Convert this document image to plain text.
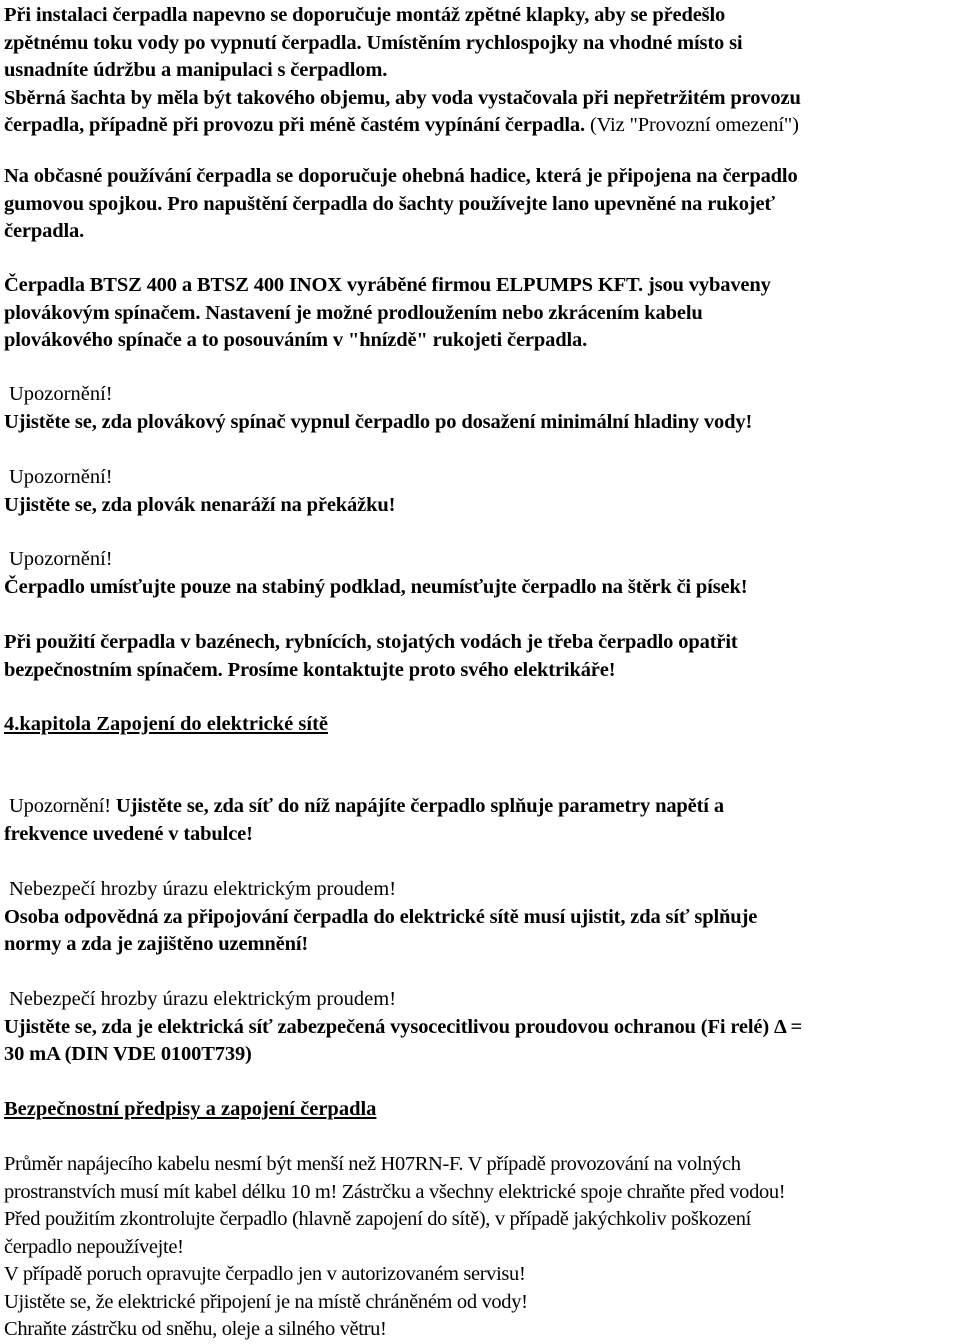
Při instalaci čerpadla napevno se doporučuje montáž zpětné klapky, aby se předešlo
zpětnému toku vody po vypnutí čerpadla. Umístěním rychlospojky na vhodné místo si
usnadníte údržbu a manipulaci s čerpadlom.
Sběrná šachta by měla být takového objemu, aby voda vystačovala při nepřetržitém provozu
čerpadla, případně při provozu při méně častém vypínání čerpadla. (Viz "Provozní omezení")

Na občasné používání čerpadla se doporučuje ohebná hadice, která je připojena na čerpadlo
gumovou spojkou. Pro napuštění čerpadla do šachty používejte lano upevněné na rukojeť
čerpadla.

Čerpadla BTSZ 400 a BTSZ 400 INOX vyráběné firmou ELPUMPS KFT. jsou vybaveny
plovákovým spínačem. Nastavení je možné prodloužením nebo zkrácením kabelu
plovákového spínače a to posouváním v "hnízdě" rukojeti čerpadla.

Upozornění!
Ujistěte se, zda plovákový spínač vypnul čerpadlo po dosažení minimální hladiny vody!

Upozornění!
Ujistěte se, zda plovák nenaráží na překážku!

Upozornění!
Čerpadlo umísťujte pouze na stabiný podklad, neumísťujte čerpadlo na štěrk či písek!

Při použití čerpadla v bazénech, rybnících, stojatých vodách je třeba čerpadlo opatřit
bezpečnostním spínačem. Prosíme kontaktujte proto svého elektrikáře!

4.kapitola Zapojení do elektrické sítě

Upozornění! Ujistěte se, zda síť do níž napájíte čerpadlo splňuje parametry napětí a
frekvence uvedené v tabulce!

Nebezpečí hrozby úrazu elektrickým proudem!
Osoba odpovědná za připojování čerpadla do elektrické sítě musí ujistit, zda síť splňuje
normy a zda je zajištěno uzemnění!

Nebezpečí hrozby úrazu elektrickým proudem!
Ujistěte se, zda je elektrická síť zabezpečená vysocecitlivou proudovou ochranou (Fi relé) Δ =
30 mA (DIN VDE 0100T739)

Bezpečnostní předpisy a zapojení čerpadla

Průměr napájecího kabelu nesmí být menší než H07RN-F. V případě provozování na volných
prostranstvích musí mít kabel délku 10 m! Zástrčku a všechny elektrické spoje chraňte před vodou!
Před použitím zkontrolujte čerpadlo (hlavně zapojení do sítě), v případě jakýchkoliv poškození
čerpadlo nepoužívejte!
V případě poruch opravujte čerpadlo jen v autorizovaném servisu!
Ujistěte se, že elektrické připojení je na místě chráněném od vody!
Chraňte zástrčku od sněhu, oleje a silného větru!
